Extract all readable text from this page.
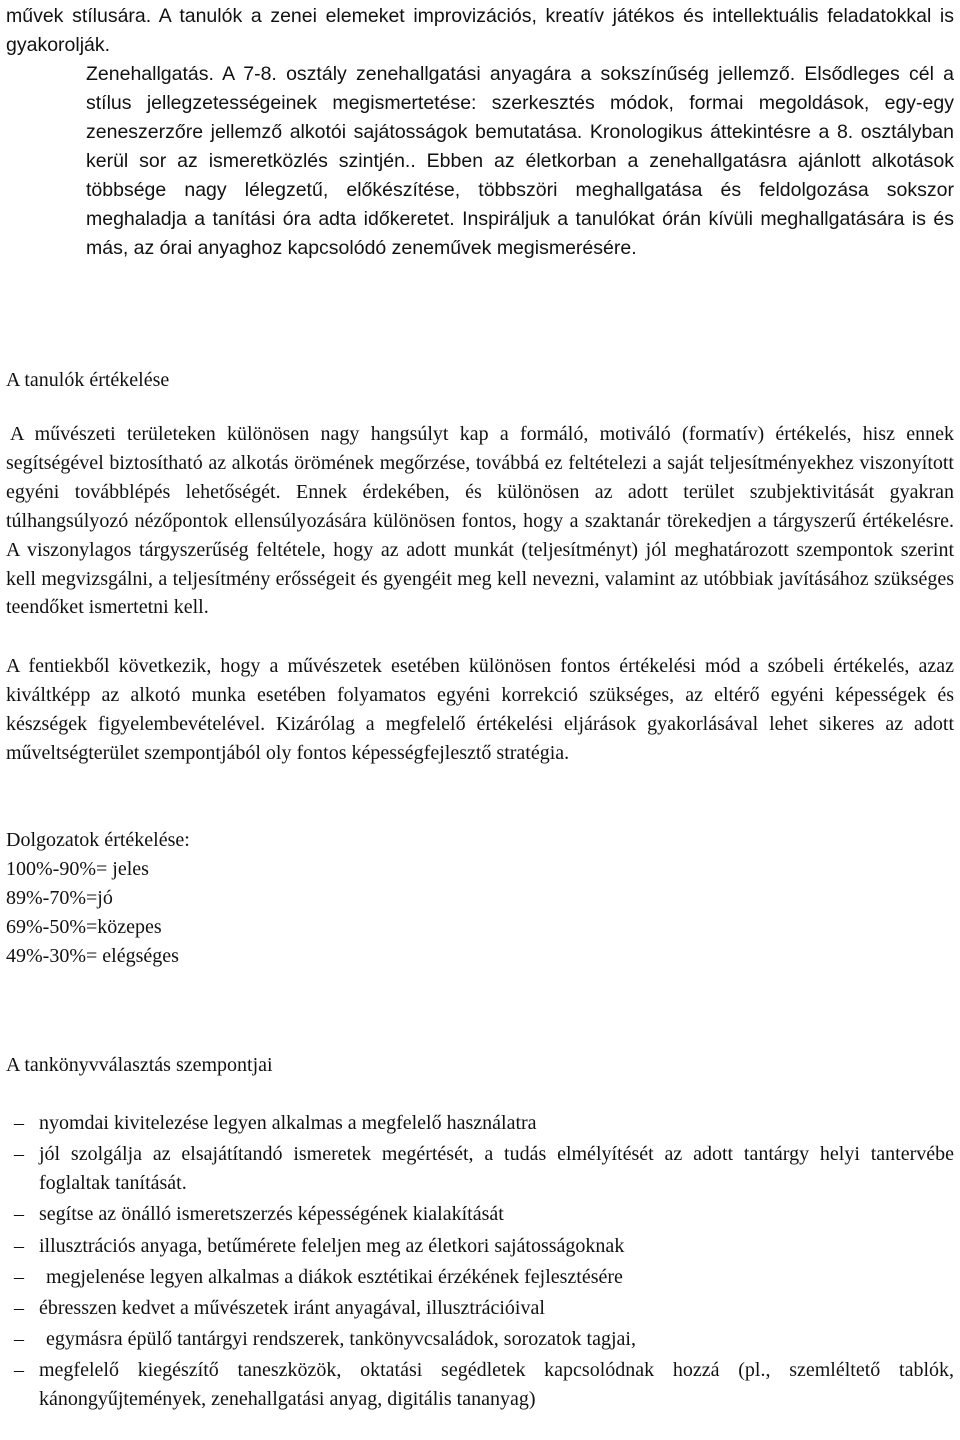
művek stílusára. A tanulók a zenei elemeket improvizációs, kreatív játékos és intellektuális feladatokkal is gyakorolják.

Zenehallgatás. A 7-8. osztály zenehallgatási anyagára a sokszínűség jellemző. Elsődleges cél a stílus jellegzetességeinek megismertetése: szerkesztés módok, formai megoldások, egy-egy zeneszerzőre jellemző alkotói sajátosságok bemutatása. Kronologikus áttekintésre a 8. osztályban kerül sor az ismeretközlés szintjén.. Ebben az életkorban a zenehallgatásra ajánlott alkotások többsége nagy lélegzetű, előkészítése, többszöri meghallgatása és feldolgozása sokszor meghaladja a tanítási óra adta időkeretet. Inspiráljuk a tanulókat órán kívüli meghallgatására is és más, az órai anyaghoz kapcsolódó zeneművek megismerésére.

A tanulók értékelése

A művészeti területeken különösen nagy hangsúlyt kap a formáló, motiváló (formatív) értékelés, hisz ennek segítségével biztosítható az alkotás örömének megőrzése, továbbá ez feltételezi a saját teljesítményekhez viszonyított egyéni továbblépés lehetőségét. Ennek érdekében, és különösen az adott terület szubjektivitását gyakran túlhangsúlyozó nézőpontok ellensúlyozására különösen fontos, hogy a szaktanár törekedjen a tárgyszerű értékelésre. A viszonylagos tárgyszerűség feltétele, hogy az adott munkát (teljesítményt) jól meghatározott szempontok szerint kell megvizsgálni, a teljesítmény erősségeit és gyengéit meg kell nevezni, valamint az utóbbiak javításához szükséges teendőket ismertetni kell.

A fentiekből következik, hogy a művészetek esetében különösen fontos értékelési mód a szóbeli értékelés, azaz kiváltképp az alkotó munka esetében folyamatos egyéni korrekció szükséges, az eltérő egyéni képességek és készségek figyelembevételével. Kizárólag a megfelelő értékelési eljárások gyakorlásával lehet sikeres az adott műveltségterület szempontjából oly fontos képességfejlesztő stratégia.

Dolgozatok értékelése:

100%-90%= jeles

89%-70%=jó

69%-50%=közepes

49%-30%= elégséges

A tankönyvválasztás szempontjai

– nyomdai kivitelezése legyen alkalmas a megfelelő használatra
– jól szolgálja az elsajátítandó ismeretek megértését, a tudás elmélyítését az adott tantárgy helyi tantervébe foglaltak tanítását.
– segítse az önálló ismeretszerzés képességének kialakítását
– illusztrációs anyaga, betűmérete feleljen meg az életkori sajátosságoknak
–	megjelenése legyen alkalmas a diákok esztétikai érzékének fejlesztésére
– ébresszen kedvet a művészetek iránt anyagával, illusztrációival
–	egymásra épülő tantárgyi rendszerek, tankönyvcsaládok, sorozatok tagjai,
– megfelelő kiegészítő taneszközök, oktatási segédletek kapcsolódnak hozzá (pl., szemléltető tablók, kánongyűjtemények, zenehallgatási anyag, digitális tananyag)
